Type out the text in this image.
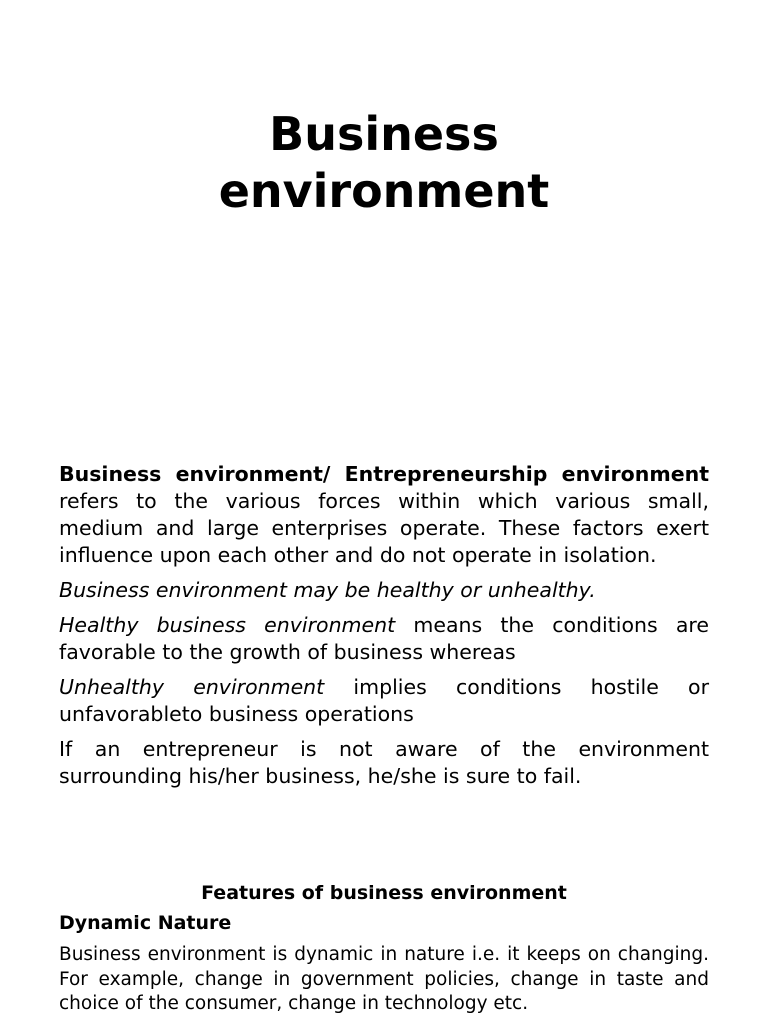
Business
environment

Business environment/ Entrepreneurship environment refers to the various forces within which various small, medium and large enterprises operate. These factors exert influence upon each other and do not operate in isolation.

Business environment may be healthy or unhealthy.

Healthy business environment means the conditions are favorable to the growth of business whereas

Unhealthy environment implies conditions hostile or unfavorableto business operations

If an entrepreneur is not aware of the environment surrounding his/her business, he/she is sure to fail.

Features of business environment

Dynamic Nature

Business environment is dynamic in nature i.e. it keeps on changing. For example, change in government policies, change in taste and choice of the consumer, change in technology etc.
